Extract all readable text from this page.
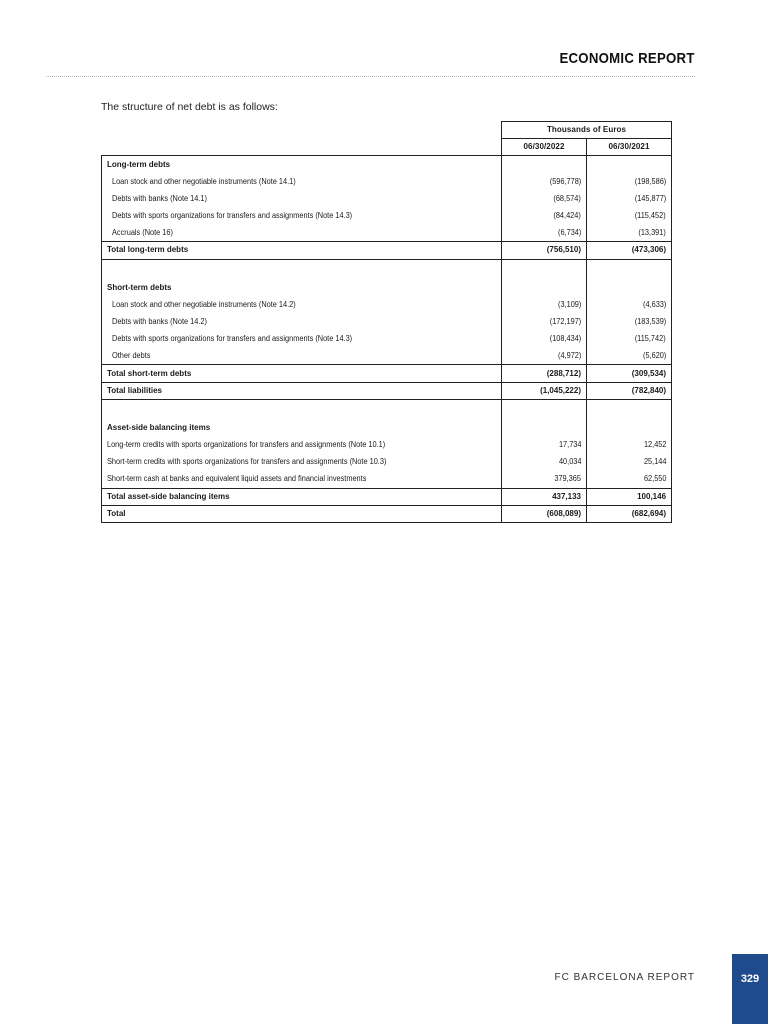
ECONOMIC REPORT
The structure of net debt is as follows:
	Thousands of Euros	
	06/30/2022	06/30/2021
Long-term debts		
Loan stock and other negotiable instruments (Note 14.1)	(596,778)	(198,586)
Debts with banks (Note 14.1)	(68,574)	(145,877)
Debts with sports organizations for transfers and assignments (Note 14.3)	(84,424)	(115,452)
Accruals (Note 16)	(6,734)	(13,391)
Total long-term debts	(756,510)	(473,306)

Short-term debts		
Loan stock and other negotiable instruments (Note 14.2)	(3,109)	(4,633)
Debts with banks (Note 14.2)	(172,197)	(183,539)
Debts with sports organizations for transfers and assignments (Note 14.3)	(108,434)	(115,742)
Other debts	(4,972)	(5,620)
Total short-term debts	(288,712)	(309,534)
Total liabilities	(1,045,222)	(782,840)

Asset-side balancing items		
Long-term credits with sports organizations for transfers and assignments (Note 10.1)	17,734	12,452
Short-term credits with sports organizations for transfers and assignments (Note 10.3)	40,034	25,144
Short-term cash at banks and equivalent liquid assets and financial investments	379,365	62,550
Total asset-side balancing items	437,133	100,146
Total	(608,089)	(682,694)
FC BARCELONA REPORT	329
